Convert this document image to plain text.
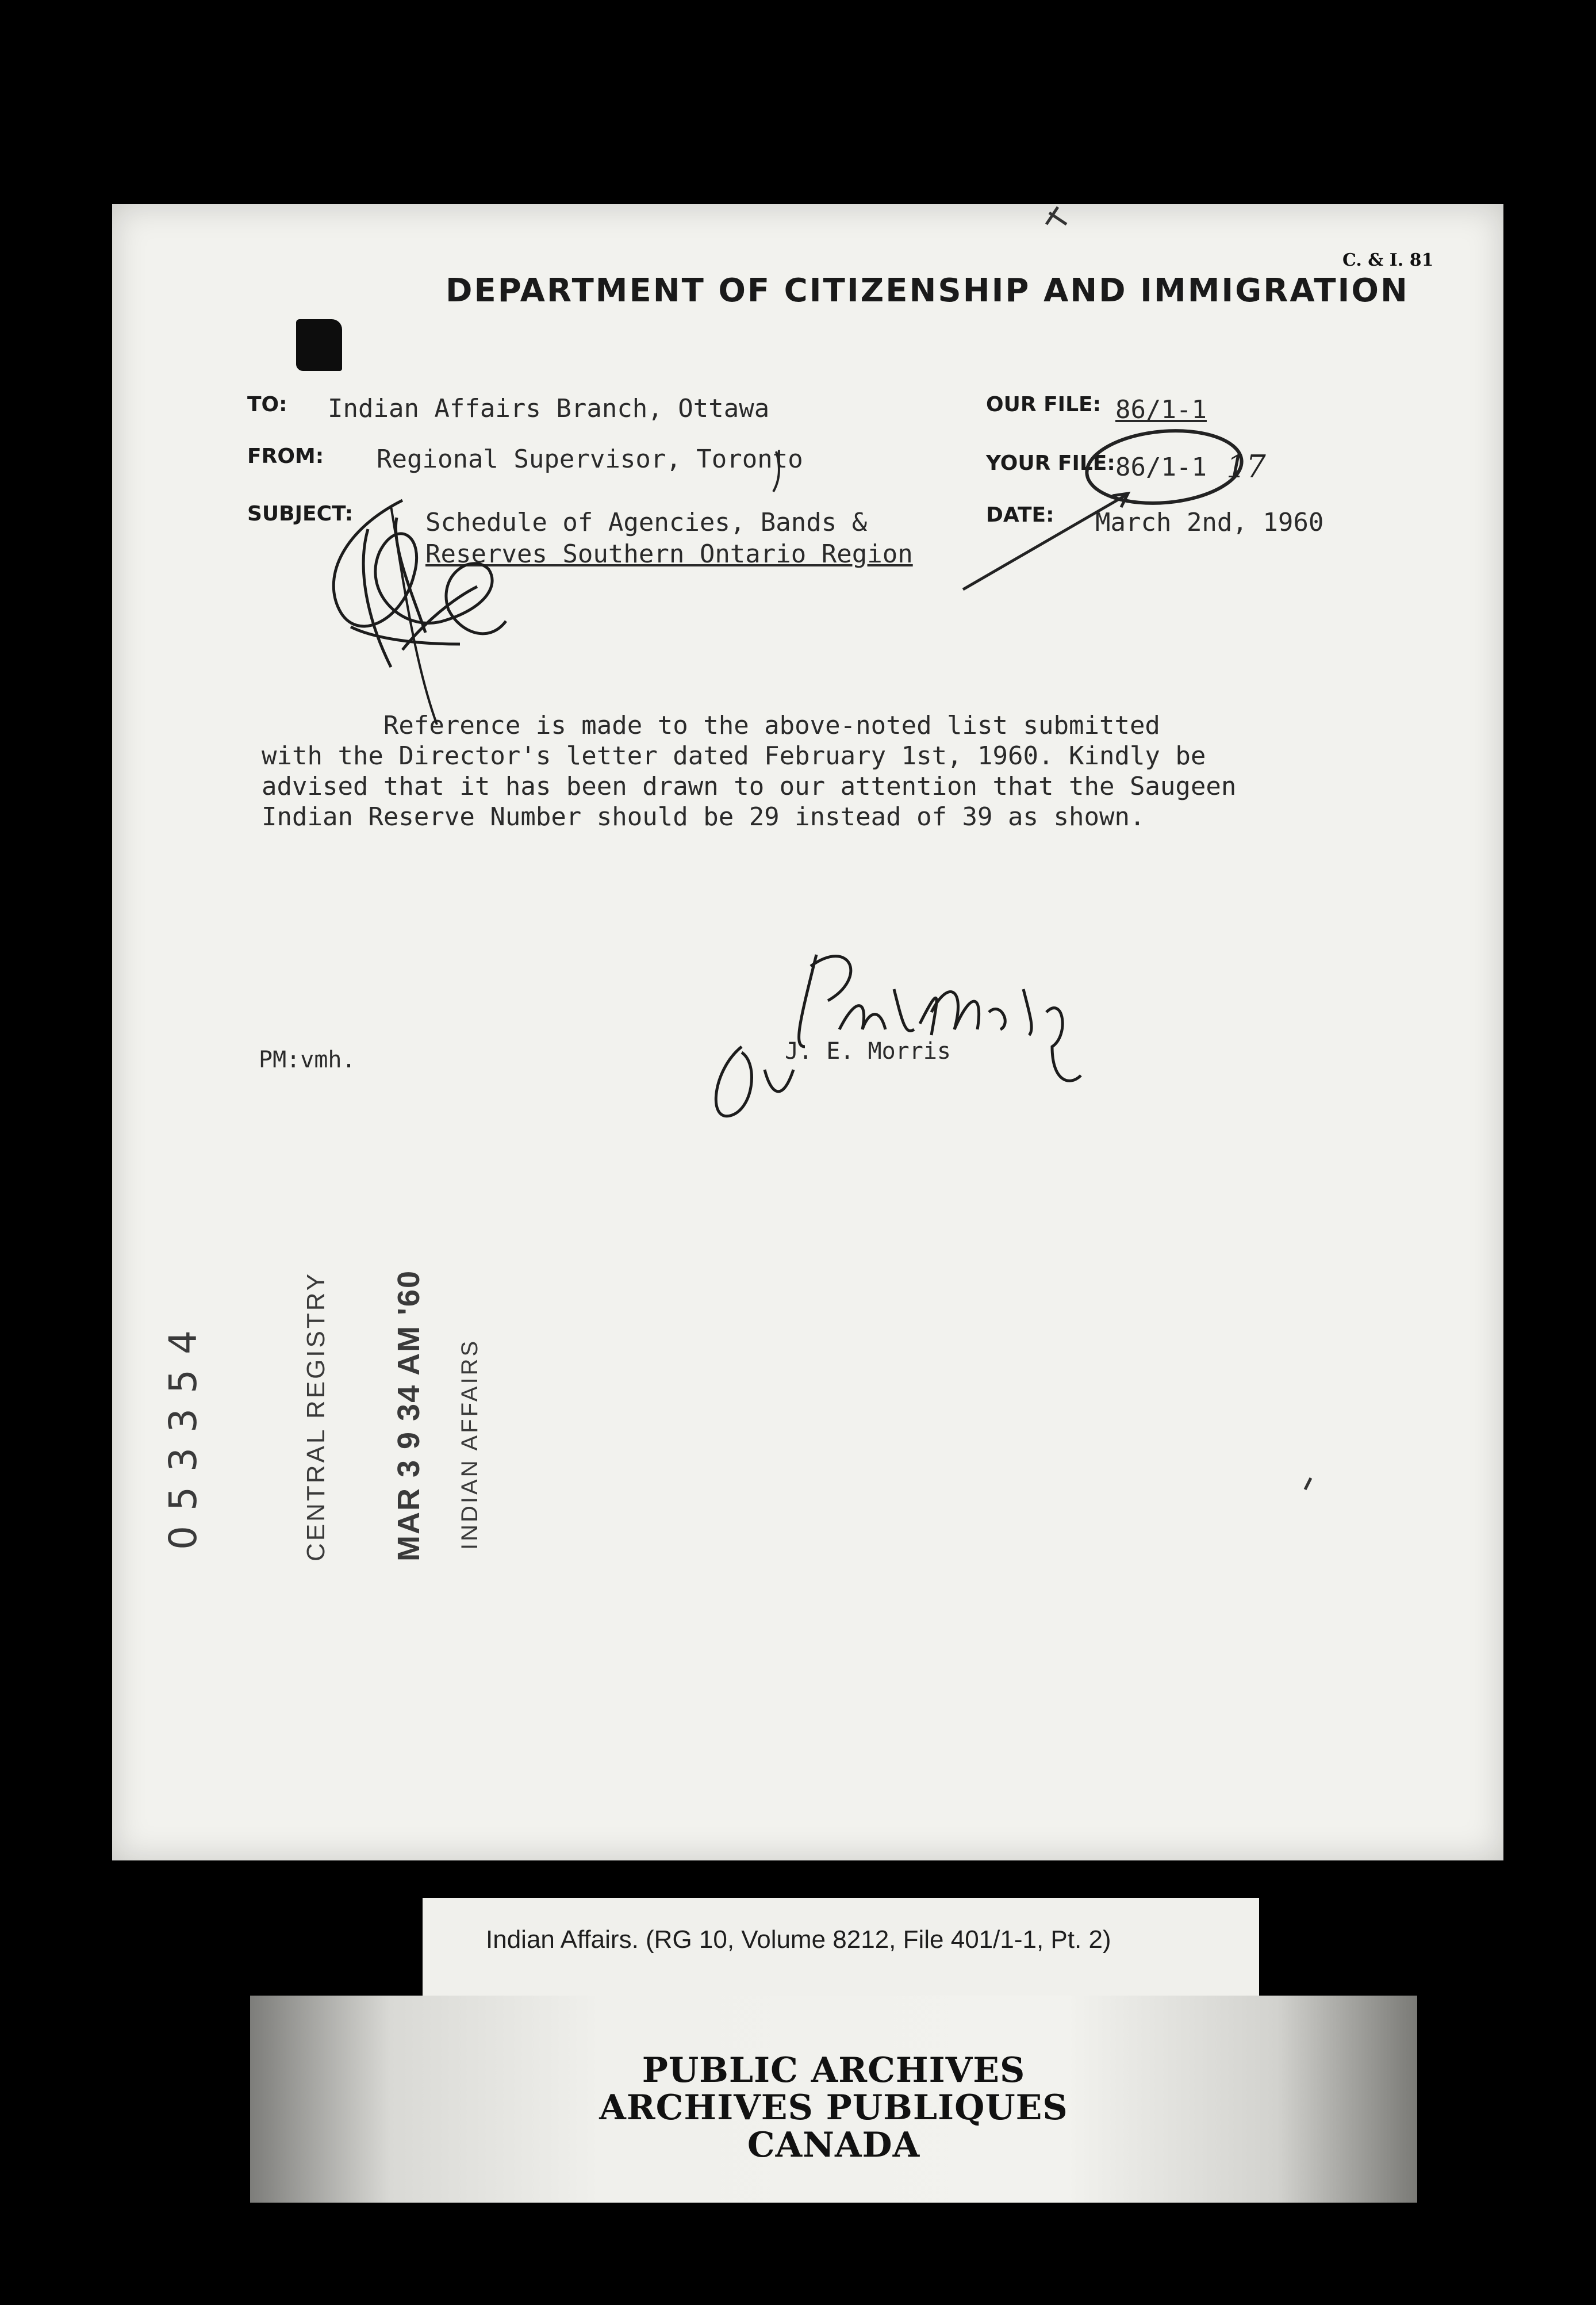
C. & I. 81
DEPARTMENT OF CITIZENSHIP AND IMMIGRATION
TO: Indian Affairs Branch, Ottawa
FROM: Regional Supervisor, Toronto
SUBJECT:	Schedule of Agencies, Bands &
Reserves Southern Ontario Region
OUR FILE: 86/1-1
YOUR FILE: 86/1-1 17
DATE: March 2nd, 1960
Reference is made to the above-noted list submitted
with the Director's letter dated February 1st, 1960. Kindly be
advised that it has been drawn to our attention that the Saugeen
Indian Reserve Number should be 29 instead of 39 as shown.
PM:vmh.	J. E. Morris
053354	CENTRAL REGISTRY MAR 3 9 34 AM '60 INDIAN AFFAIRS
Indian Affairs. (RG 10, Volume 8212, File 401/1-1, Pt. 2)
PUBLIC ARCHIVES
ARCHIVES PUBLIQUES
CANADA
